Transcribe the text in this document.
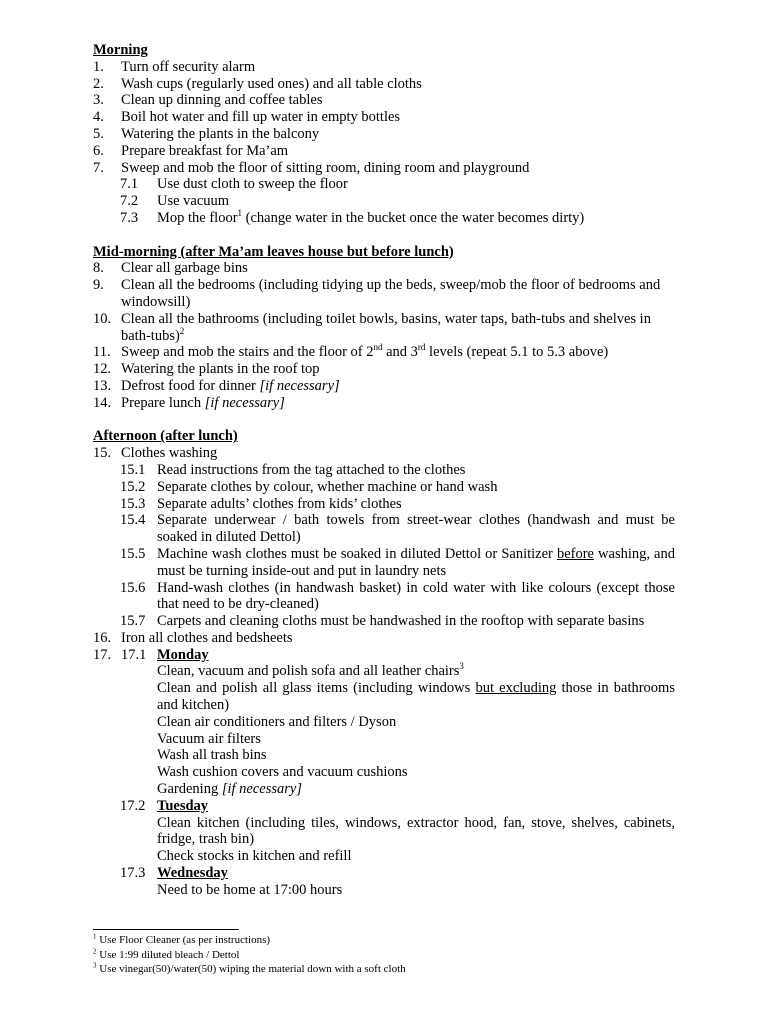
Morning
1.	Turn off security alarm
2.	Wash cups (regularly used ones) and all table cloths
3.	Clean up dinning and coffee tables
4.	Boil hot water and fill up water in empty bottles
5.	Watering the plants in the balcony
6.	Prepare breakfast for Ma’am
7.	Sweep and mob the floor of sitting room, dining room and playground
7.1	Use dust cloth to sweep the floor
7.2	Use vacuum
7.3	Mop the floor$^1$ (change water in the bucket once the water becomes dirty)
Mid-morning (after Ma’am leaves house but before lunch)
8.	Clear all garbage bins
9.	Clean all the bedrooms (including tidying up the beds, sweep/mob the floor of bedrooms and windowsill)
10. Clean all the bathrooms (including toilet bowls, basins, water taps, bath-tubs and shelves in bath-tubs)$^2$
11. Sweep and mob the stairs and the floor of 2nd and 3rd levels (repeat 5.1 to 5.3 above)
12. Watering the plants in the roof top
13. Defrost food for dinner [if necessary]
14. Prepare lunch [if necessary]
Afternoon (after lunch)
15. Clothes washing
15.1 Read instructions from the tag attached to the clothes
15.2 Separate clothes by colour, whether machine or hand wash
15.3 Separate adults’ clothes from kids’ clothes
15.4 Separate underwear / bath towels from street-wear clothes (handwash and must be soaked in diluted Dettol)
15.5 Machine wash clothes must be soaked in diluted Dettol or Sanitizer before washing, and must be turning inside-out and put in laundry nets
15.6 Hand-wash clothes (in handwash basket) in cold water with like colours (except those that need to be dry-cleaned)
15.7 Carpets and cleaning cloths must be handwashed in the rooftop with separate basins
16. Iron all clothes and bedsheets
17. 17.1 Monday
Clean, vacuum and polish sofa and all leather chairs$^3$
Clean and polish all glass items (including windows but excluding those in bathrooms and kitchen)
Clean air conditioners and filters / Dyson
Vacuum air filters
Wash all trash bins
Wash cushion covers and vacuum cushions
Gardening [if necessary]
17.2 Tuesday
Clean kitchen (including tiles, windows, extractor hood, fan, stove, shelves, cabinets, fridge, trash bin)
Check stocks in kitchen and refill
17.3 Wednesday
Need to be home at 17:00 hours
$^1$ Use Floor Cleaner (as per instructions)
$^2$ Use 1:99 diluted bleach / Dettol
$^3$ Use vinegar(50)/water(50) wiping the material down with a soft cloth
